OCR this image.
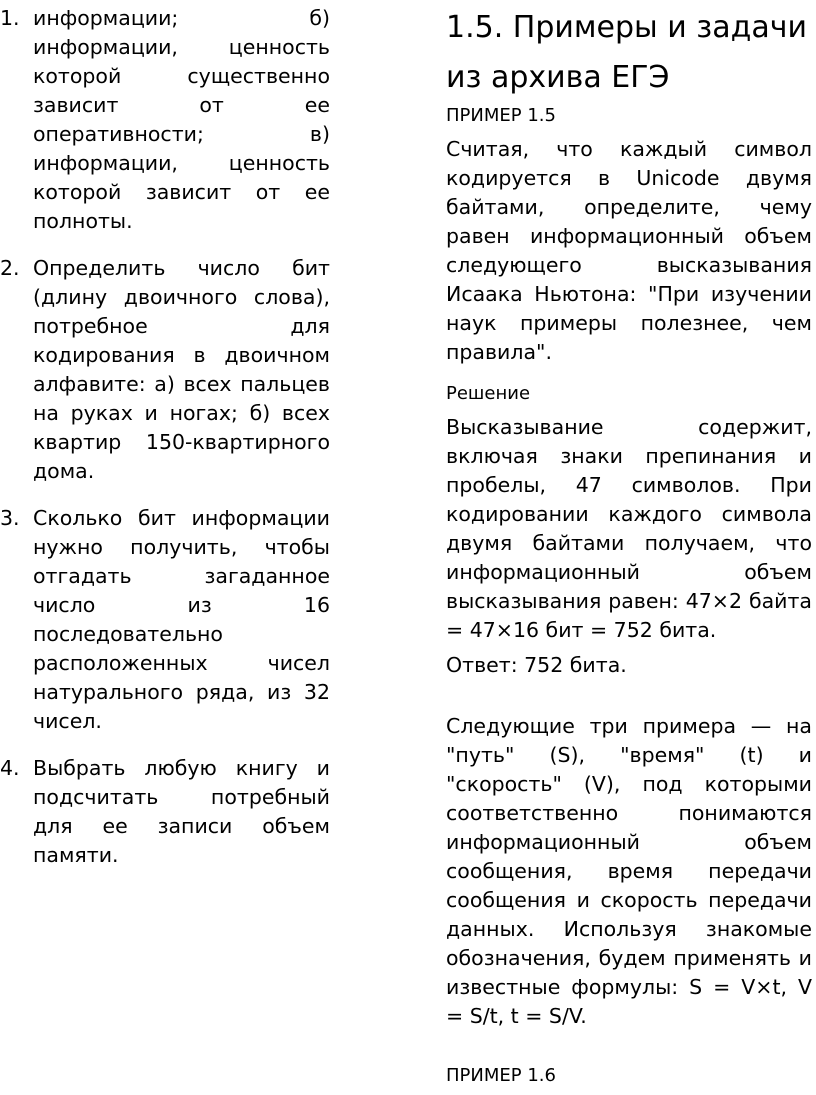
1. информации; б) информации, ценность которой существенно зависит от ее оперативности; в) информации, ценность которой зависит от ее полноты.
2. Определить число бит (длину двоичного слова), потребное для кодирования в двоичном алфавите: а) всех пальцев на руках и ногах; б) всех квартир 150-квартирного дома.
3. Сколько бит информации нужно получить, чтобы отгадать загаданное число из 16 последовательно расположенных чисел натурального ряда, из 32 чисел.
4. Выбрать любую книгу и подсчитать потребный для ее записи объем памяти.
1.5. Примеры и задачи из архива ЕГЭ
ПРИМЕР 1.5

Считая, что каждый символ кодируется в Unicode двумя байтами, определите, чему равен информационный объем следующего высказывания Исаака Ньютона: "При изучении наук примеры полезнее, чем правила".

Решение

Высказывание содержит, включая знаки препинания и пробелы, 47 символов. При кодировании каждого символа двумя байтами получаем, что информационный объем высказывания равен: 47×2 байта = 47×16 бит = 752 бита.

Ответ: 752 бита.

Следующие три примера — на "путь" (S), "время" (t) и "скорость" (V), под которыми соответственно понимаются информационный объем сообщения, время передачи сообщения и скорость передачи данных. Используя знакомые обозначения, будем применять и известные формулы: S = V×t, V = S/t, t = S/V.

ПРИМЕР 1.6
